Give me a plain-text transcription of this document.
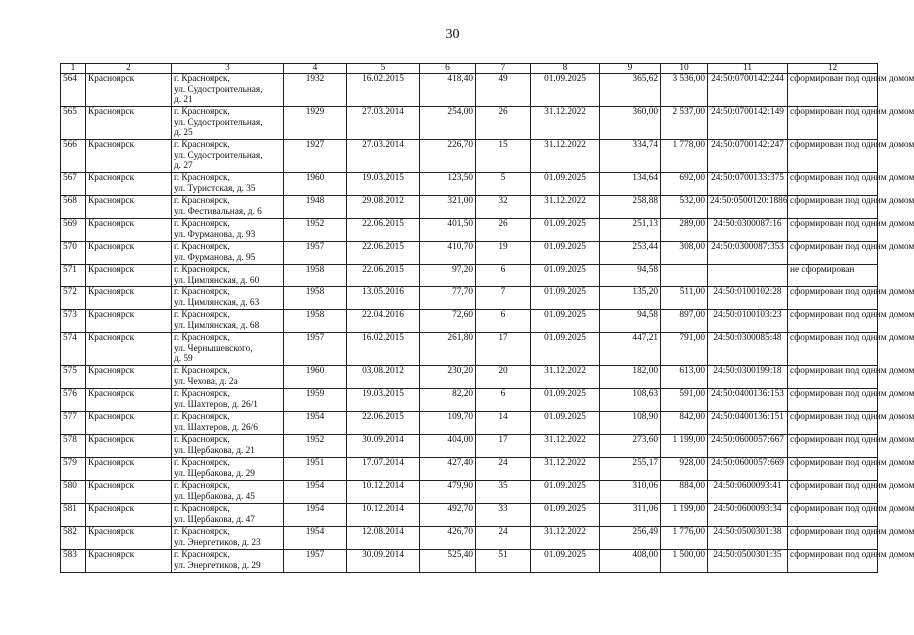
30
1	2	3	4	5	6	7	8	9	10	11	12
564	Красноярск	г. Красноярск,
ул. Судостроительная,
д. 21	1932	16.02.2015	418,40	49	01.09.2025	365,62	3 536,00	24:50:0700142:244	сформирован под одним домом
565	Красноярск	г. Красноярск,
ул. Судостроительная,
д. 25	1929	27.03.2014	254,00	26	31.12.2022	360,00	2 537,00	24:50:0700142:149	сформирован под одним домом
566	Красноярск	г. Красноярск,
ул. Судостроительная,
д. 27	1927	27.03.2014	226,70	15	31.12.2022	334,74	1 778,00	24:50:0700142:247	сформирован под одним домом
567	Красноярск	г. Красноярск,
ул. Туристская, д. 35	1960	19.03.2015	123,50	5	01.09.2025	134,64	692,00	24:50:0700133:375	сформирован под одним домом
568	Красноярск	г. Красноярск,
ул. Фестивальная, д. 6	1948	29.08.2012	321,00	32	31.12.2022	258,88	532,00	24:50:0500120:1886	сформирован под одним домом
569	Красноярск	г. Красноярск,
ул. Фурманова, д. 93	1952	22.06.2015	401,50	26	01.09.2025	251,13	289,00	24:50:0300087:16	сформирован под одним домом
570	Красноярск	г. Красноярск,
ул. Фурманова, д. 95	1957	22.06.2015	410,70	19	01.09.2025	253,44	308,00	24:50:0300087:353	сформирован под одним домом
571	Красноярск	г. Красноярск,
ул. Цимлянская, д. 60	1958	22.06.2015	97,20	6	01.09.2025	94,58			не сформирован
572	Красноярск	г. Красноярск,
ул. Цимлянская, д. 63	1958	13.05.2016	77,70	7	01.09.2025	135,20	511,00	24:50:0100102:28	сформирован под одним домом
573	Красноярск	г. Красноярск,
ул. Цимлянская, д. 68	1958	22.04.2016	72,60	6	01.09.2025	94,58	897,00	24:50:0100103:23	сформирован под одним домом
574	Красноярск	г. Красноярск,
ул. Чернышевского,
д. 59	1957	16.02.2015	261,80	17	01.09.2025	447,21	791,00	24:50:0300085:48	сформирован под одним домом
575	Красноярск	г. Красноярск,
ул. Чехова, д. 2а	1960	03.08.2012	230,20	20	31.12.2022	182,00	613,00	24:50:0300199:18	сформирован под одним домом
576	Красноярск	г. Красноярск,
ул. Шахтеров, д. 26/1	1959	19.03.2015	82,20	6	01.09.2025	108,63	591,00	24:50:0400136:153	сформирован под одним домом
577	Красноярск	г. Красноярск,
ул. Шахтеров, д. 26/6	1954	22.06.2015	109,70	14	01.09.2025	108,90	842,00	24:50:0400136:151	сформирован под одним домом
578	Красноярск	г. Красноярск,
ул. Щербакова, д. 21	1952	30.09.2014	404,00	17	31.12.2022	273,60	1 199,00	24:50:0600057:667	сформирован под одним домом
579	Красноярск	г. Красноярск,
ул. Щербакова, д. 29	1951	17.07.2014	427,40	24	31.12.2022	255,17	928,00	24:50:0600057:669	сформирован под одним домом
580	Красноярск	г. Красноярск,
ул. Щербакова, д. 45	1954	10.12.2014	479,90	35	01.09.2025	310,06	884,00	24:50:0600093:41	сформирован под одним домом
581	Красноярск	г. Красноярск,
ул. Щербакова, д. 47	1954	10.12.2014	492,70	33	01.09.2025	311,06	1 199,00	24:50:0600093:34	сформирован под одним домом
582	Красноярск	г. Красноярск,
ул. Энергетиков, д. 23	1954	12.08.2014	426,70	24	31.12.2022	256,49	1 776,00	24:50:0500301:38	сформирован под одним домом
583	Красноярск	г. Красноярск,
ул. Энергетиков, д. 29	1957	30.09.2014	525,40	51	01.09.2025	408,00	1 500,00	24:50:0500301:35	сформирован под одним домом
